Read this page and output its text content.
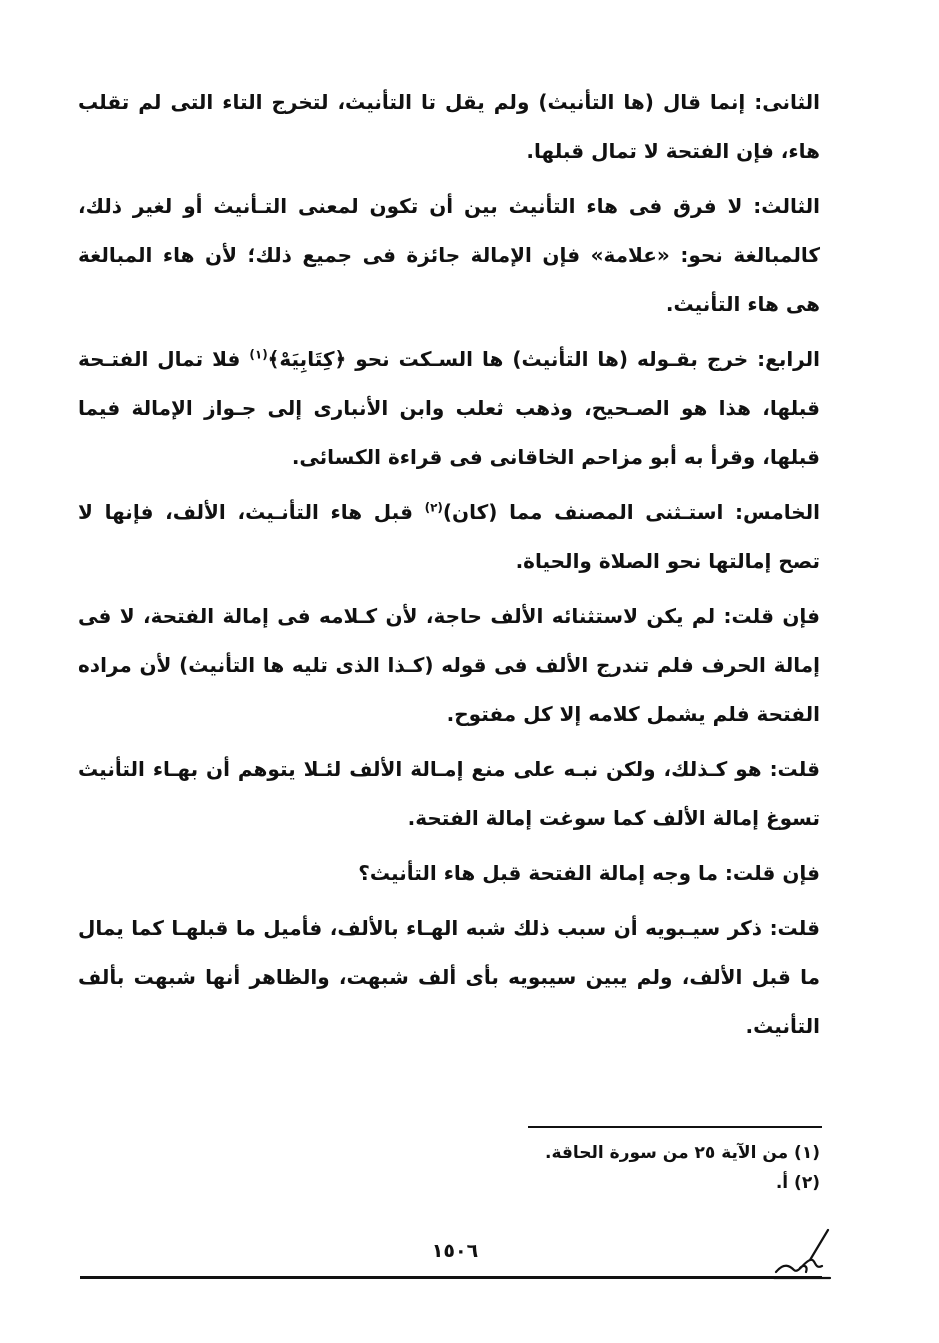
الثانى: إنما قال (ها التأنيث) ولم يقل تا التأنيث، لتخرج التاء التى لم تقلب هاء، فإن الفتحة لا تمال قبلها.

الثالث: لا فرق فى هاء التأنيث بين أن تكون لمعنى التـأنيث أو لغير ذلك، كالمبالغة نحو: «علامة» فإن الإمالة جائزة فى جميع ذلك؛ لأن هاء المبالغة هى هاء التأنيث.

الرابع: خرج بقـوله (ها التأنيث) ها السـكت نحو ﴿كِتَابِيَهْ﴾$^{(١)}$ فلا تمال الفتـحة قبلها، هذا هو الصـحيح، وذهب ثعلب وابن الأنبارى إلى جـواز الإمالة فيما قبلها، وقرأ به أبو مزاحم الخاقانى فى قراءة الكسائى.

الخامس: استـثنى المصنف مما (كان)$^{(٢)}$ قبل هاء التأنـيث، الألف، فإنها لا تصح إمالتها نحو الصلاة والحياة.

فإن قلت: لم يكن لاستثنائه الألف حاجة، لأن كـلامه فى إمالة الفتحة، لا فى إمالة الحرف فلم تندرج الألف فى قوله (كـذا الذى تليه ها التأنيث) لأن مراده الفتحة فلم يشمل كلامه إلا كل مفتوح.

قلت: هو كـذلك، ولكن نبـه على منع إمـالة الألف لئـلا يتوهم أن بهـاء التأنيث تسوغ إمالة الألف كما سوغت إمالة الفتحة.

فإن قلت: ما وجه إمالة الفتحة قبل هاء التأنيث؟

قلت: ذكر سيـبويه أن سبب ذلك شبه الهـاء بالألف، فأميل ما قبلهـا كما يمال ما قبل الألف، ولم يبين سيبويه بأى ألف شبهت، والظاهر أنها شبهت بألف التأنيث.

(١) من الآية ٢٥ من سورة الحاقة.
(٢) أ.
١٥٠٦
